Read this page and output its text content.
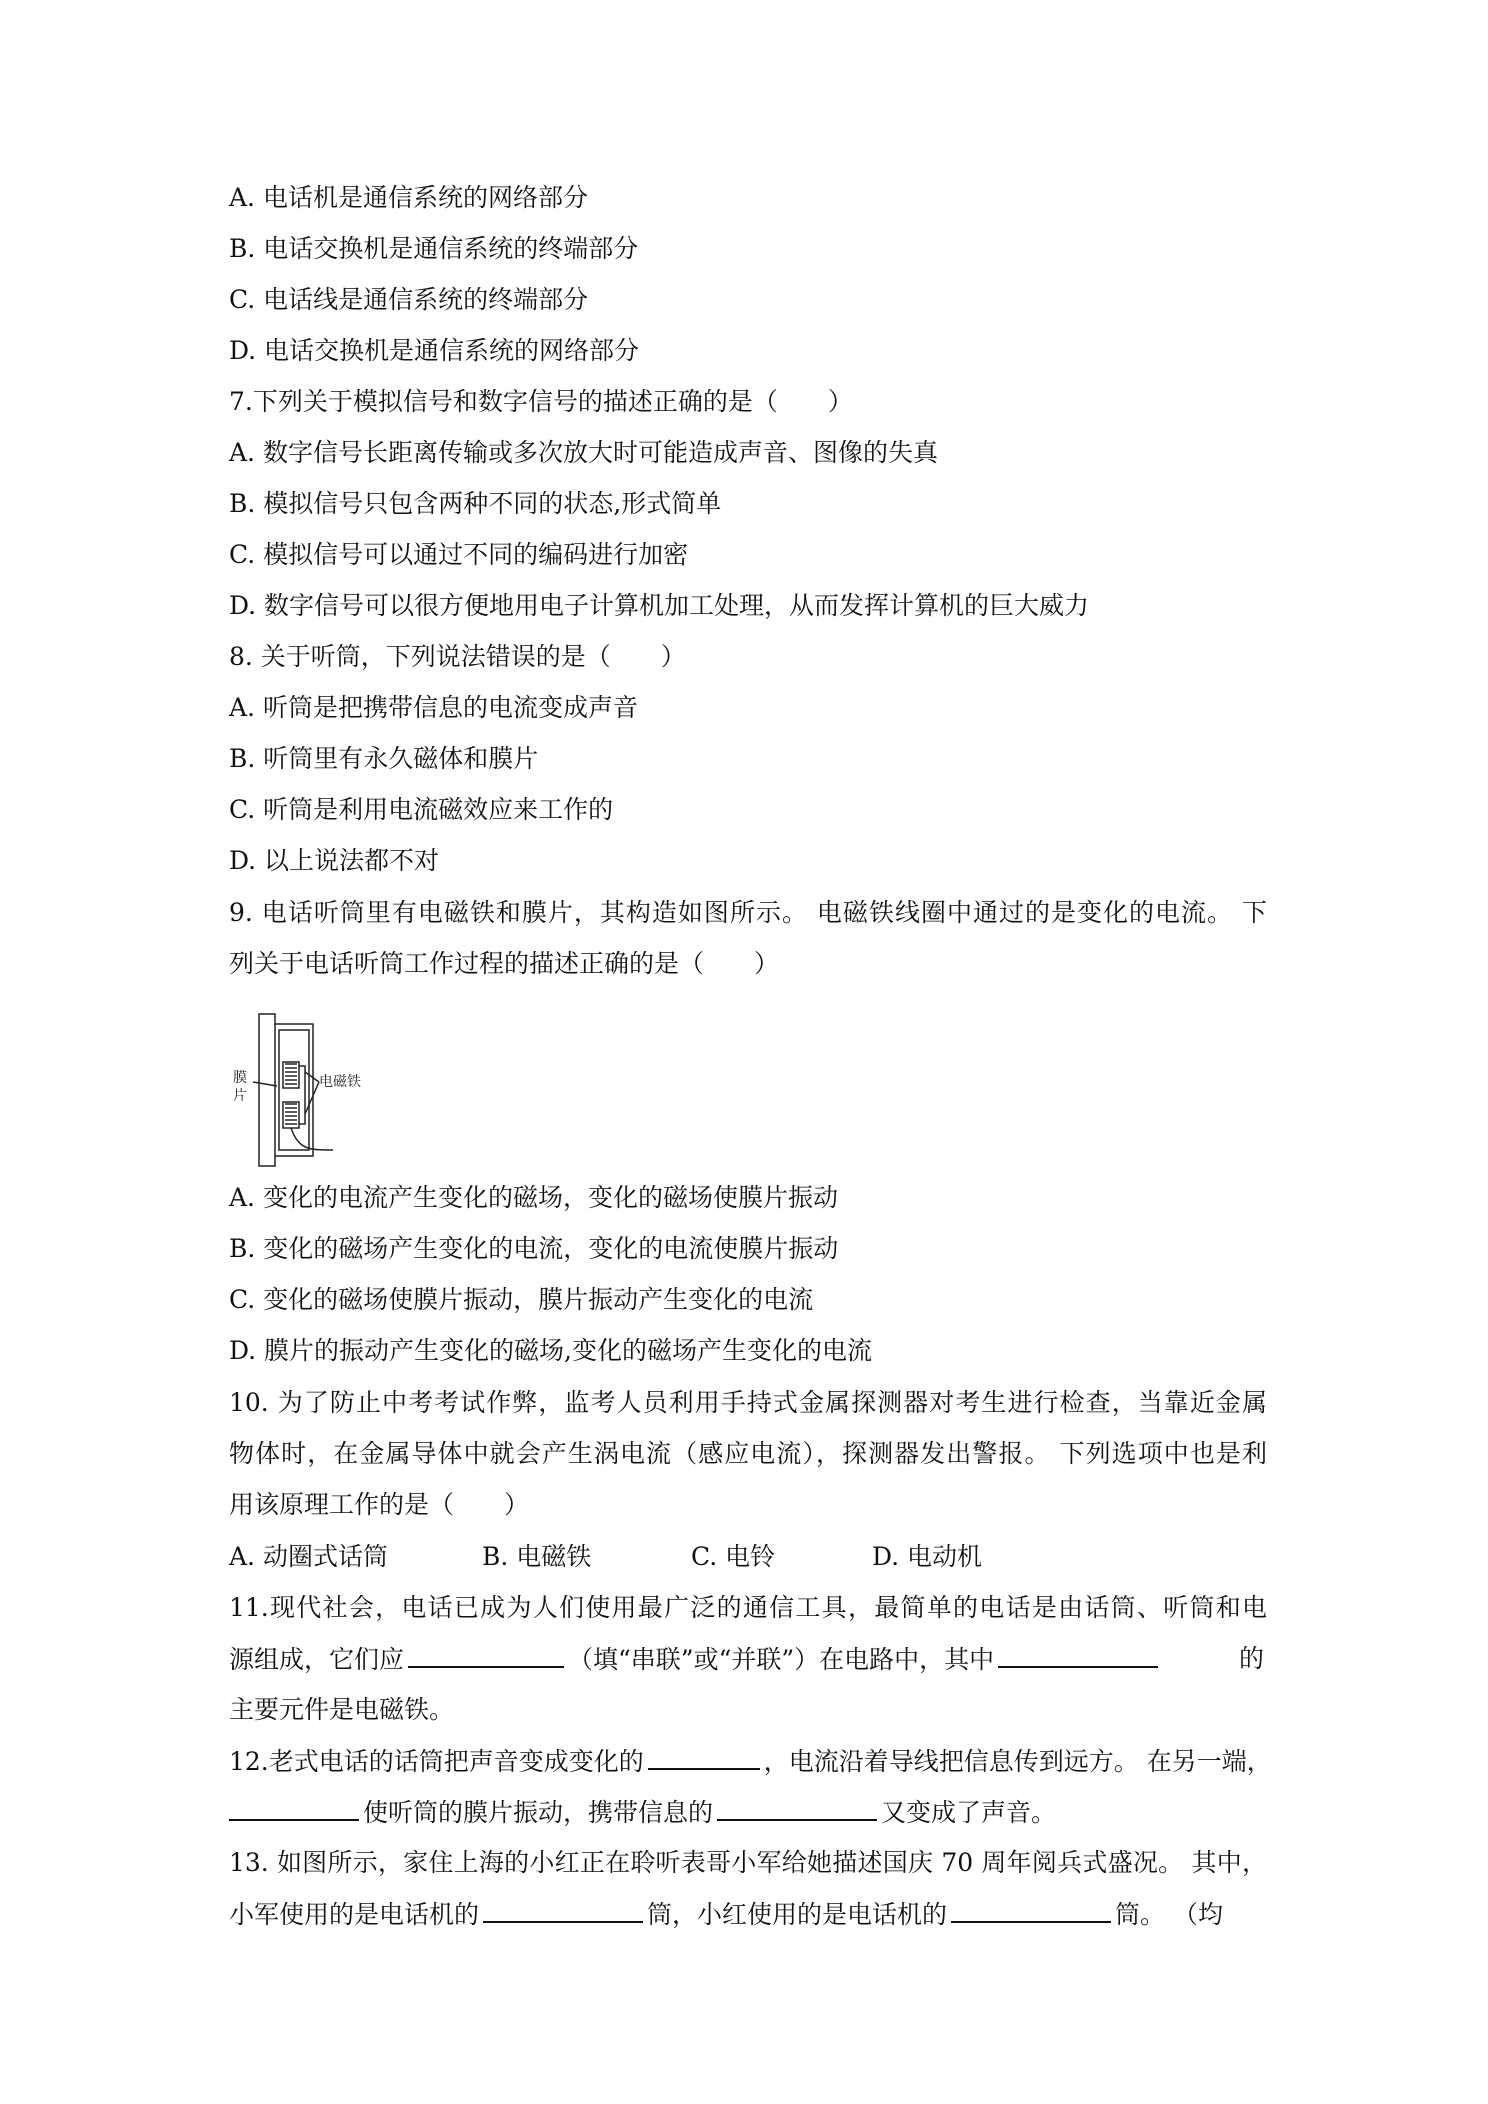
A. 电话机是通信系统的网络部分
B. 电话交换机是通信系统的终端部分
C. 电话线是通信系统的终端部分
D. 电话交换机是通信系统的网络部分
7.下列关于模拟信号和数字信号的描述正确的是（　　）
A. 数字信号长距离传输或多次放大时可能造成声音、图像的失真
B. 模拟信号只包含两种不同的状态,形式简单
C. 模拟信号可以通过不同的编码进行加密
D. 数字信号可以很方便地用电子计算机加工处理，从而发挥计算机的巨大威力
8. 关于听筒，下列说法错误的是（　　）
A. 听筒是把携带信息的电流变成声音
B. 听筒里有永久磁体和膜片
C. 听筒是利用电流磁效应来工作的
D. 以上说法都不对
9. 电话听筒里有电磁铁和膜片，其构造如图所示。 电磁铁线圈中通过的是变化的电流。 下
列关于电话听筒工作过程的描述正确的是（　　）
膜
片
电磁铁
A. 变化的电流产生变化的磁场，变化的磁场使膜片振动
B. 变化的磁场产生变化的电流，变化的电流使膜片振动
C. 变化的磁场使膜片振动，膜片振动产生变化的电流
D. 膜片的振动产生变化的磁场,变化的磁场产生变化的电流
10. 为了防止中考考试作弊，监考人员利用手持式金属探测器对考生进行检查，当靠近金属
物体时，在金属导体中就会产生涡电流（感应电流），探测器发出警报。 下列选项中也是利
用该原理工作的是（　　）
A. 动圈式话筒	B. 电磁铁	C. 电铃	D. 电动机
11.现代社会，电话已成为人们使用最广泛的通信工具，最简单的电话是由话筒、听筒和电
源组成，它们应	（填“串联”或“并联”）在电路中，其中	的
主要元件是电磁铁。
12.老式电话的话筒把声音变成变化的	，电流沿着导线把信息传到远方。 在另一端，
使听筒的膜片振动，携带信息的	又变成了声音。
13. 如图所示，家住上海的小红正在聆听表哥小军给她描述国庆 70 周年阅兵式盛况。 其中，
小军使用的是电话机的	筒，小红使用的是电话机的	筒。 （均
